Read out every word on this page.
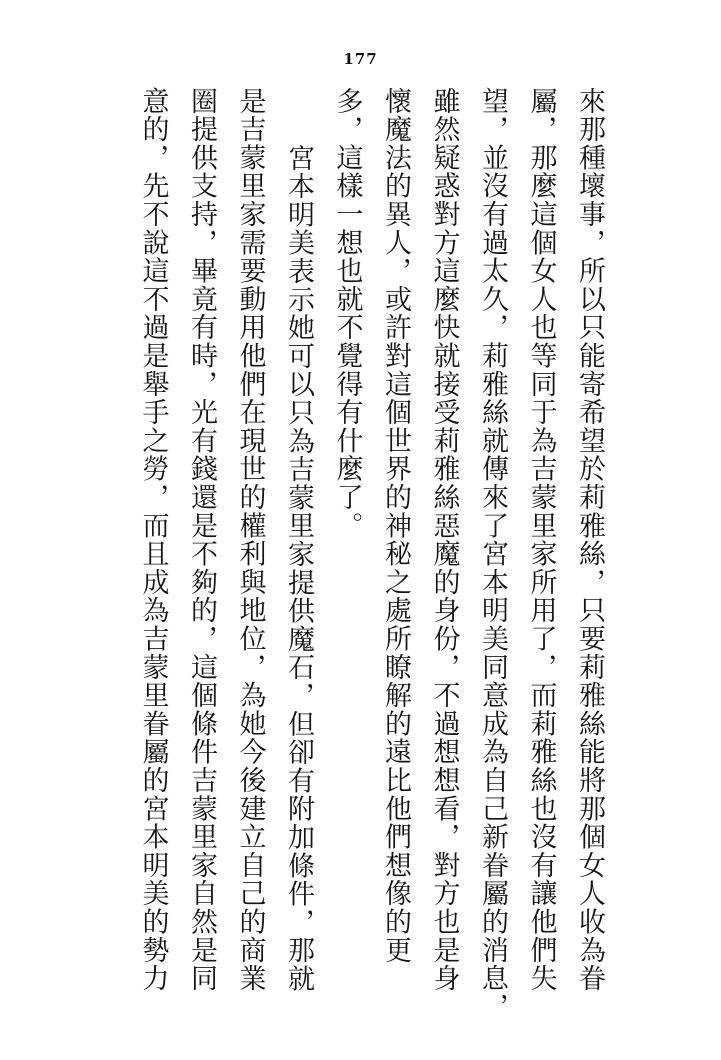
177
來那種壞事，所以只能寄希望於莉雅絲，只要莉雅絲能將那個女人收為眷
屬，那麼這個女人也等同于為吉蒙里家所用了，而莉雅絲也沒有讓他們失
望，並沒有過太久，莉雅絲就傳來了宮本明美同意成為自己新眷屬的消息，
雖然疑惑對方這麼快就接受莉雅絲惡魔的身份，不過想想看，對方也是身
懷魔法的異人，或許對這個世界的神秘之處所瞭解的遠比他們想像的更
多，這樣一想也就不覺得有什麼了。
宮本明美表示她可以只為吉蒙里家提供魔石，但卻有附加條件，那就
是吉蒙里家需要動用他們在現世的權利與地位，為她今後建立自己的商業
圈提供支持，畢竟有時，光有錢還是不夠的，這個條件吉蒙里家自然是同
意的，先不說這不過是舉手之勞，而且成為吉蒙里眷屬的宮本明美的勢力
